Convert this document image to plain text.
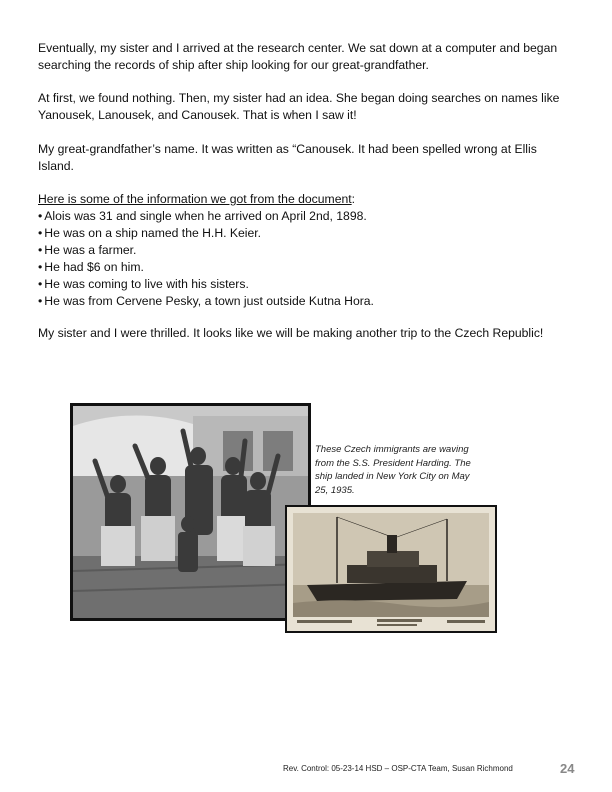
Eventually, my sister and I arrived at the research center. We sat down at a computer and began searching the records of ship after ship looking for our great-grandfather.

At first, we found nothing. Then, my sister had an idea. She began doing searches on names like Yanousek, Lanousek, and Canousek. That is when I saw it!

My great-grandfather’s name. It was written as “Canousek. It had been spelled wrong at Ellis Island.

Here is some of the information we got from the document:
• Alois was 31 and single when he arrived on April 2nd, 1898.
• He was on a ship named the H.H. Keier.
• He was a farmer.
• He had $6 on him.
• He was coming to live with his sisters.
• He was from Cervene Pesky, a town just outside Kutna Hora.

My sister and I were thrilled. It looks like we will be making another trip to the Czech Republic!

These Czech immigrants are waving from the S.S. President Harding. The ship landed in New York City on May 25, 1935.

Rev. Control: 05-23-14 HSD – OSP-CTA Team, Susan Richmond	24
